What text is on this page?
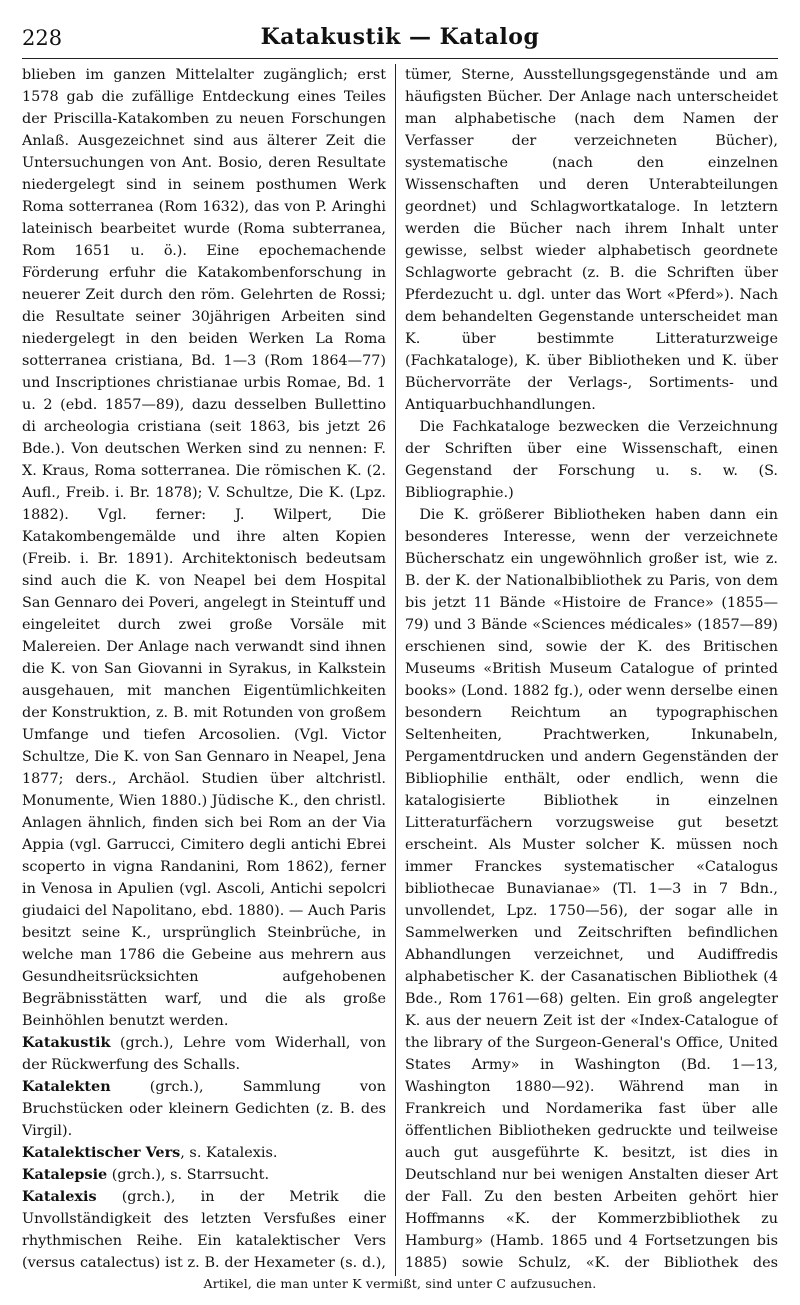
228	Katakustik — Katalog

blieben im ganzen Mittelalter zugänglich; erst 1578 gab die zufällige Entdeckung eines Teiles der Priscilla-Katakomben zu neuen Forschungen Anlaß. Ausgezeichnet sind aus älterer Zeit die Untersuchungen von Ant. Bosio, deren Resultate niedergelegt sind in seinem posthumen Werk Roma sotterranea (Rom 1632), das von P. Aringhi lateinisch bearbeitet wurde (Roma subterranea, Rom 1651 u. ö.). Eine epochemachende Förderung erfuhr die Katakombenforschung in neuerer Zeit durch den röm. Gelehrten de Rossi; die Resultate seiner 30jährigen Arbeiten sind niedergelegt in den beiden Werken La Roma sotterranea cristiana, Bd. 1—3 (Rom 1864—77) und Inscriptiones christianae urbis Romae, Bd. 1 u. 2 (ebd. 1857—89), dazu desselben Bullettino di archeologia cristiana (seit 1863, bis jetzt 26 Bde.). Von deutschen Werken sind zu nennen: F. X. Kraus, Roma sotterranea. Die römischen K. (2. Aufl., Freib. i. Br. 1878); V. Schultze, Die K. (Lpz. 1882). Vgl. ferner: J. Wilpert, Die Katakombengemälde und ihre alten Kopien (Freib. i. Br. 1891). Architektonisch bedeutsam sind auch die K. von Neapel bei dem Hospital San Gennaro dei Poveri, angelegt in Steintuff und eingeleitet durch zwei große Vorsäle mit Malereien. Der Anlage nach verwandt sind ihnen die K. von San Giovanni in Syrakus, in Kalkstein ausgehauen, mit manchen Eigentümlichkeiten der Konstruktion, z. B. mit Rotunden von großem Umfange und tiefen Arcosolien. (Vgl. Victor Schultze, Die K. von San Gennaro in Neapel, Jena 1877; ders., Archäol. Studien über altchristl. Monumente, Wien 1880.) Jüdische K., den christl. Anlagen ähnlich, finden sich bei Rom an der Via Appia (vgl. Garrucci, Cimitero degli antichi Ebrei scoperto in vigna Randanini, Rom 1862), ferner in Venosa in Apulien (vgl. Ascoli, Antichi sepolcri giudaici del Napolitano, ebd. 1880). — Auch Paris besitzt seine K., ursprünglich Steinbrüche, in welche man 1786 die Gebeine aus mehrern aus Gesundheitsrücksichten aufgehobenen Begräbnisstätten warf, und die als große Beinhöhlen benutzt werden.

Katakustik (grch.), Lehre vom Widerhall, von der Rückwerfung des Schalls.

Katalekten (grch.), Sammlung von Bruchstücken oder kleinern Gedichten (z. B. des Virgil).

Katalektischer Vers, s. Katalexis.

Katalepsie (grch.), s. Starrsucht.

Katalexis (grch.), in der Metrik die Unvollständigkeit des letzten Versfußes einer rhythmischen Reihe. Ein katalektischer Vers (versus catalectus) ist z. B. der Hexameter (s. d.),

tümer, Sterne, Ausstellungsgegenstände und am häufigsten Bücher. Der Anlage nach unterscheidet man alphabetische (nach dem Namen der Verfasser der verzeichneten Bücher), systematische (nach den einzelnen Wissenschaften und deren Unterabteilungen geordnet) und Schlagwortkataloge. In letztern werden die Bücher nach ihrem Inhalt unter gewisse, selbst wieder alphabetisch geordnete Schlagworte gebracht (z. B. die Schriften über Pferdezucht u. dgl. unter das Wort «Pferd»). Nach dem behandelten Gegenstande unterscheidet man K. über bestimmte Litteraturzweige (Fachkataloge), K. über Bibliotheken und K. über Büchervorräte der Verlags-, Sortiments- und Antiquarbuchhandlungen.

Die Fachkataloge bezwecken die Verzeichnung der Schriften über eine Wissenschaft, einen Gegenstand der Forschung u. s. w. (S. Bibliographie.)

Die K. größerer Bibliotheken haben dann ein besonderes Interesse, wenn der verzeichnete Bücherschatz ein ungewöhnlich großer ist, wie z. B. der K. der Nationalbibliothek zu Paris, von dem bis jetzt 11 Bände «Histoire de France» (1855—79) und 3 Bände «Sciences médicales» (1857—89) erschienen sind, sowie der K. des Britischen Museums «British Museum Catalogue of printed books» (Lond. 1882 fg.), oder wenn derselbe einen besondern Reichtum an typographischen Seltenheiten, Prachtwerken, Inkunabeln, Pergamentdrucken und andern Gegenständen der Bibliophilie enthält, oder endlich, wenn die katalogisierte Bibliothek in einzelnen Litteraturfächern vorzugsweise gut besetzt erscheint. Als Muster solcher K. müssen noch immer Franckes systematischer «Catalogus bibliothecae Bunavianae» (Tl. 1—3 in 7 Bdn., unvollendet, Lpz. 1750—56), der sogar alle in Sammelwerken und Zeitschriften befindlichen Abhandlungen verzeichnet, und Audiffredis alphabetischer K. der Casanatischen Bibliothek (4 Bde., Rom 1761—68) gelten. Ein groß angelegter K. aus der neuern Zeit ist der «Index-Catalogue of the library of the Surgeon-General's Office, United States Army» in Washington (Bd. 1—13, Washington 1880—92). Während man in Frankreich und Nordamerika fast über alle öffentlichen Bibliotheken gedruckte und teilweise auch gut ausgeführte K. besitzt, ist dies in Deutschland nur bei wenigen Anstalten dieser Art der Fall. Zu den besten Arbeiten gehört hier Hoffmanns «K. der Kommerzbibliothek zu Hamburg» (Hamb. 1865 und 4 Fortsetzungen bis 1885) sowie Schulz, «K. der Bibliothek des

Artikel, die man unter K vermißt, sind unter C aufzusuchen.
